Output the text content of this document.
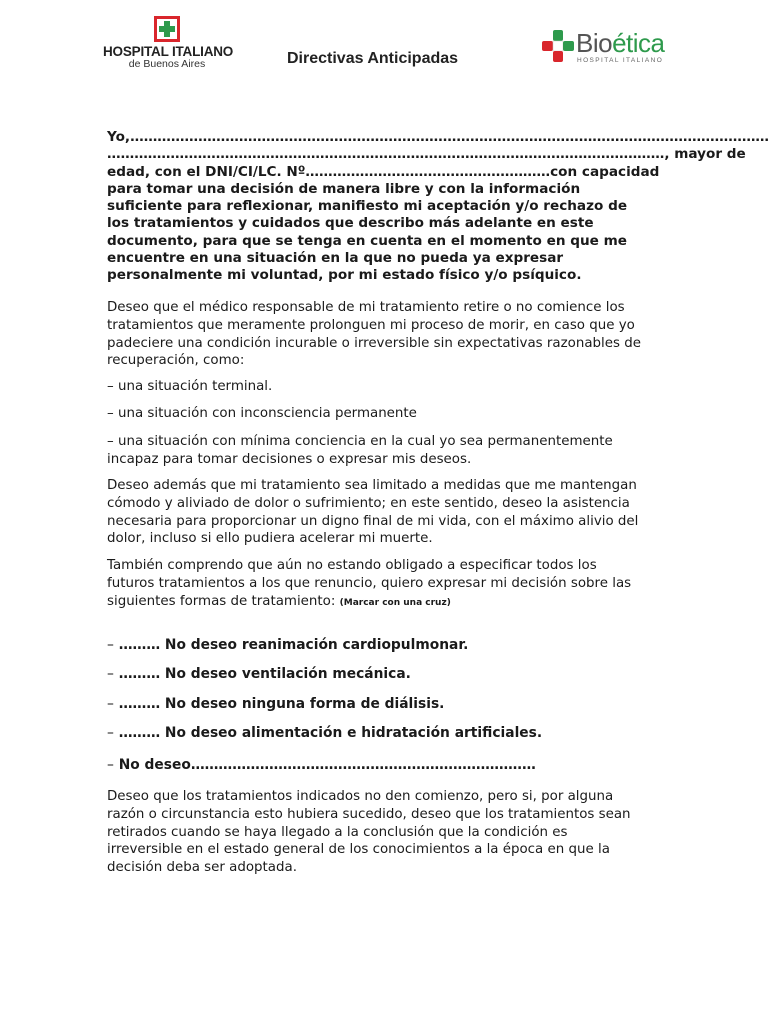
HOSPITAL ITALIANO
de Buenos Aires	Directivas Anticipadas
Bioética
HOSPITAL ITALIANO
Yo,……………………………………………………………………………………………………………………………
……………………………………………………………………………………………………………, mayor de
edad, con el DNI/CI/LC. Nº………………………………………………con capacidad
para tomar una decisión de manera libre y con la información
suficiente para reflexionar, manifiesto mi aceptación y/o rechazo de
los tratamientos y cuidados que describo más adelante en este
documento, para que se tenga en cuenta en el momento en que me
encuentre en una situación en la que no pueda ya expresar
personalmente mi voluntad, por mi estado físico y/o psíquico.
Deseo que el médico responsable de mi tratamiento retire o no comience los
tratamientos que meramente prolonguen mi proceso de morir, en caso que yo
padeciere una condición incurable o irreversible sin expectativas razonables de
recuperación, como:
– una situación terminal.
– una situación con inconsciencia permanente
– una situación con mínima conciencia en la cual yo sea permanentemente
incapaz para tomar decisiones o expresar mis deseos.
Deseo además que mi tratamiento sea limitado a medidas que me mantengan
cómodo y aliviado de dolor o sufrimiento; en este sentido, deseo la asistencia
necesaria para proporcionar un digno final de mi vida, con el máximo alivio del
dolor, incluso si ello pudiera acelerar mi muerte.
También comprendo que aún no estando obligado a especificar todos los
futuros tratamientos a los que renuncio, quiero expresar mi decisión sobre las
siguientes formas de tratamiento: (Marcar con una cruz)
– ……… No deseo reanimación cardiopulmonar.
– ……… No deseo ventilación mecánica.
– ……… No deseo ninguna forma de diálisis.
– ……… No deseo alimentación e hidratación artificiales.
– No deseo…………………………………………………………………
Deseo que los tratamientos indicados no den comienzo, pero si, por alguna
razón o circunstancia esto hubiera sucedido, deseo que los tratamientos sean
retirados cuando se haya llegado a la conclusión que la condición es
irreversible en el estado general de los conocimientos a la época en que la
decisión deba ser adoptada.
